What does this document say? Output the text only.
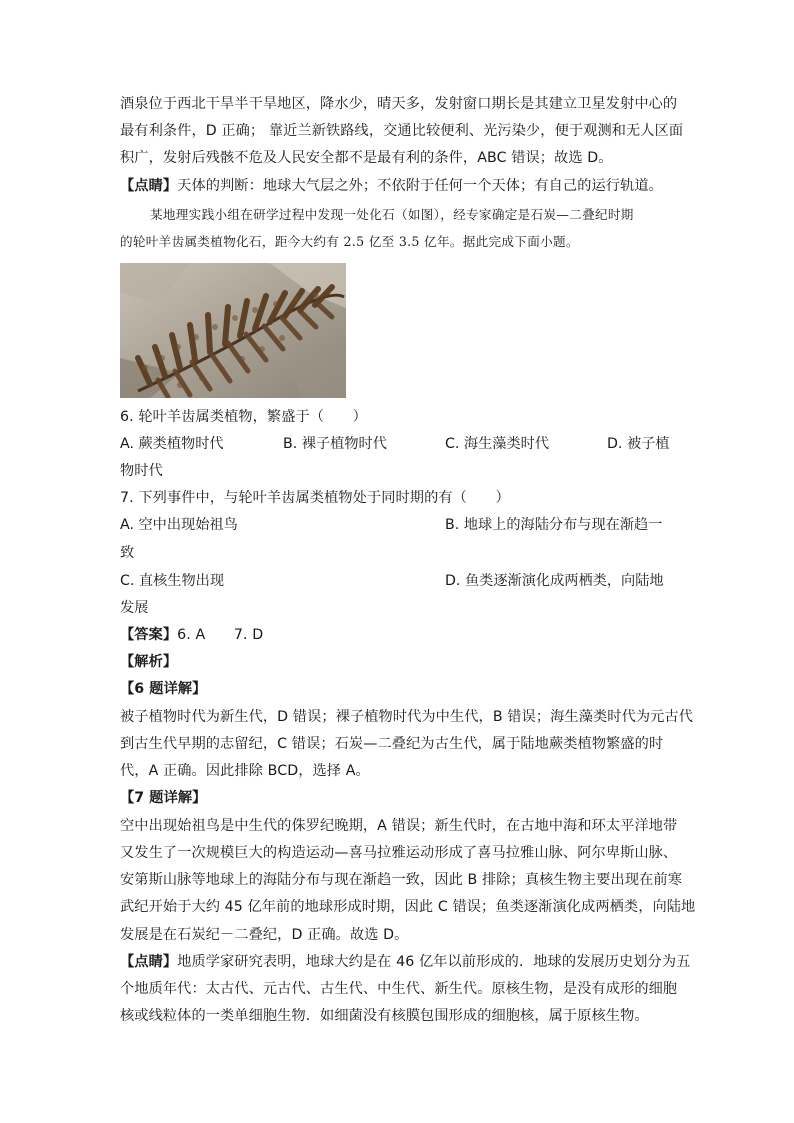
酒泉位于西北干旱半干旱地区，降水少，晴天多，发射窗口期长是其建立卫星发射中心的
最有利条件，D 正确； 靠近兰新铁路线，交通比较便利、光污染少，便于观测和无人区面
积广，发射后残骸不危及人民安全都不是最有利的条件，ABC 错误；故选 D。
【点睛】天体的判断：地球大气层之外；不依附于任何一个天体；有自己的运行轨道。
某地理实践小组在研学过程中发现一处化石（如图），经专家确定是石炭—二叠纪时期
的轮叶羊齿属类植物化石，距今大约有 2.5 亿至 3.5 亿年。据此完成下面小题。
6. 轮叶羊齿属类植物，繁盛于（　　）
A. 蕨类植物时代	B. 裸子植物时代	C. 海生藻类时代	D. 被子植
物时代
7. 下列事件中，与轮叶羊齿属类植物处于同时期的有（　　）
A. 空中出现始祖鸟	B. 地球上的海陆分布与现在渐趋一
致
C. 直核生物出现	D. 鱼类逐渐演化成两栖类，向陆地
发展
【答案】6. A　　7. D
【解析】
【6 题详解】
被子植物时代为新生代，D 错误；裸子植物时代为中生代，B 错误；海生藻类时代为元古代
到古生代早期的志留纪，C 错误；石炭—二叠纪为古生代，属于陆地蕨类植物繁盛的时
代，A 正确。因此排除 BCD，选择 A。
【7 题详解】
空中出现始祖鸟是中生代的侏罗纪晚期，A 错误；新生代时，在古地中海和环太平洋地带
又发生了一次规模巨大的构造运动—喜马拉雅运动形成了喜马拉雅山脉、阿尔卑斯山脉、
安第斯山脉等地球上的海陆分布与现在渐趋一致，因此 B 排除；真核生物主要出现在前寒
武纪开始于大约 45 亿年前的地球形成时期，因此 C 错误；鱼类逐渐演化成两栖类，向陆地
发展是在石炭纪－二叠纪，D 正确。故选 D。
【点睛】地质学家研究表明，地球大约是在 46 亿年以前形成的．地球的发展历史划分为五
个地质年代：太古代、元古代、古生代、中生代、新生代。原核生物，是没有成形的细胞
核或线粒体的一类单细胞生物．如细菌没有核膜包围形成的细胞核，属于原核生物。
